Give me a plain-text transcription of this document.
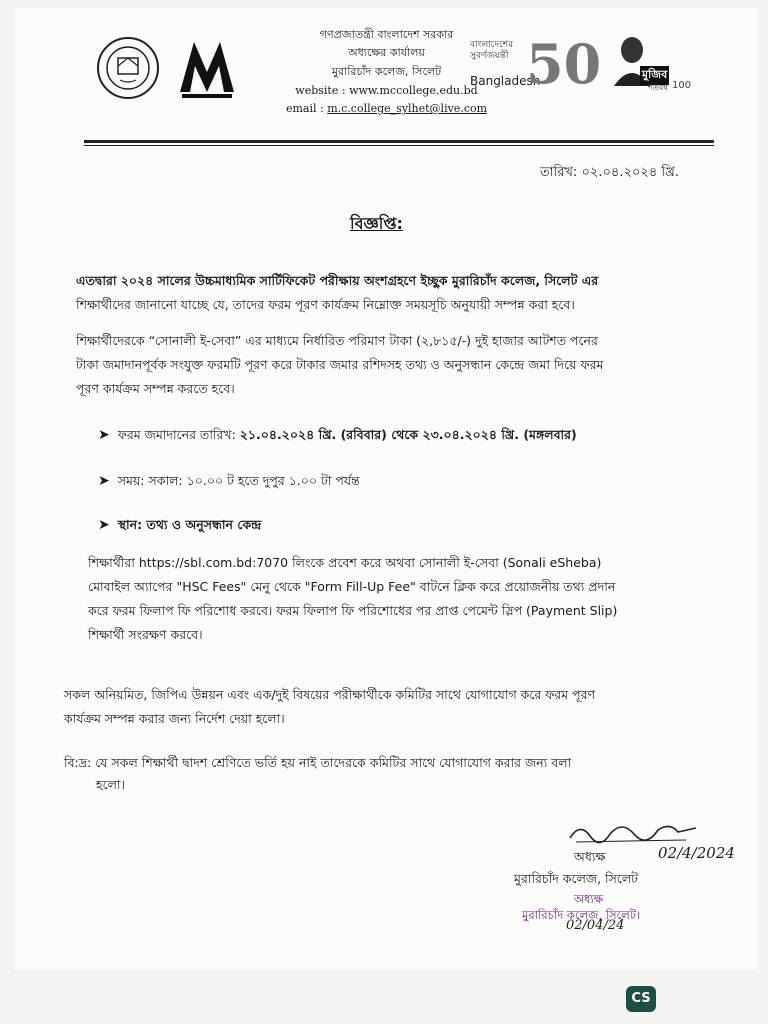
গণপ্রজাতন্ত্রী বাংলাদেশ সরকার
অধ্যক্ষের কার্যালয়
মুরারিচাঁদ কলেজ, সিলেট
website : www.mccollege.edu.bd
email : m.c.college_sylhet@live.com
বাংলাদেশের সুবর্ণজয়ন্তী
Bangladesh
50	মুজিব
শতবর্ষ 100
তারিখ: ০২.০৪.২০২৪ খ্রি.
বিজ্ঞপ্তি:
এতদ্বারা ২০২৪ সালের উচ্চমাধ্যমিক সার্টিফিকেট পরীক্ষায় অংশগ্রহণে ইচ্ছুক মুরারিচাঁদ কলেজ, সিলেট এর
শিক্ষার্থীদের জানানো যাচ্ছে যে, তাদের ফরম পূরণ কার্যক্রম নিম্নোক্ত সময়সূচি অনুযায়ী সম্পন্ন করা হবে।
শিক্ষার্থীদেরকে “সোনালী ই-সেবা” এর মাধ্যমে নির্ধারিত পরিমাণ টাকা (২,৮১৫/-) দুই হাজার আটশত পনের
টাকা জমাদানপূর্বক সংযুক্ত ফরমটি পূরণ করে টাকার জমার রশিদসহ তথ্য ও অনুসন্ধান কেন্দ্রে জমা দিয়ে ফরম
পূরণ কার্যক্রম সম্পন্ন করতে হবে।
➤ ফরম জমাদানের তারিখ: ২১.০৪.২০২৪ খ্রি. (রবিবার) থেকে ২৩.০৪.২০২৪ খ্রি. (মঙ্গলবার)
➤ সময়: সকাল: ১০.০০ ট হতে দুপুর ১.০০ টা পর্যন্ত
➤ স্থান: তথ্য ও অনুসন্ধান কেন্দ্র
শিক্ষার্থীরা https://sbl.com.bd:7070 লিংকে প্রবেশ করে অথবা সোনালী ই-সেবা (Sonali eSheba)
মোবাইল অ্যাপের "HSC Fees" মেনু থেকে "Form Fill-Up Fee" বাটনে ক্লিক করে প্রয়োজনীয় তথ্য প্রদান
করে ফরম ফিলাপ ফি পরিশোধ করবে। ফরম ফিলাপ ফি পরিশোধের পর প্রাপ্ত পেমেন্ট স্লিপ (Payment Slip)
শিক্ষার্থী সংরক্ষণ করবে।
সকল অনিয়মিত, জিপিএ উন্নয়ন এবং এক/দুই বিষয়ের পরীক্ষার্থীকে কমিটির সাথে যোগাযোগ করে ফরম পূরণ
কার্যক্রম সম্পন্ন করার জন্য নির্দেশ দেয়া হলো।
বি:দ্র: যে সকল শিক্ষার্থী দ্বাদশ শ্রেণিতে ভর্তি হয় নাই তাদেরকে কমিটির সাথে যোগাযোগ করার জন্য বলা
হলো।
02/4/2024
অধ্যক্ষ
মুরারিচাঁদ কলেজ, সিলেট
অধ্যক্ষ
মুরারিচাঁদ কলেজ, সিলেট।
02/04/24
CS
